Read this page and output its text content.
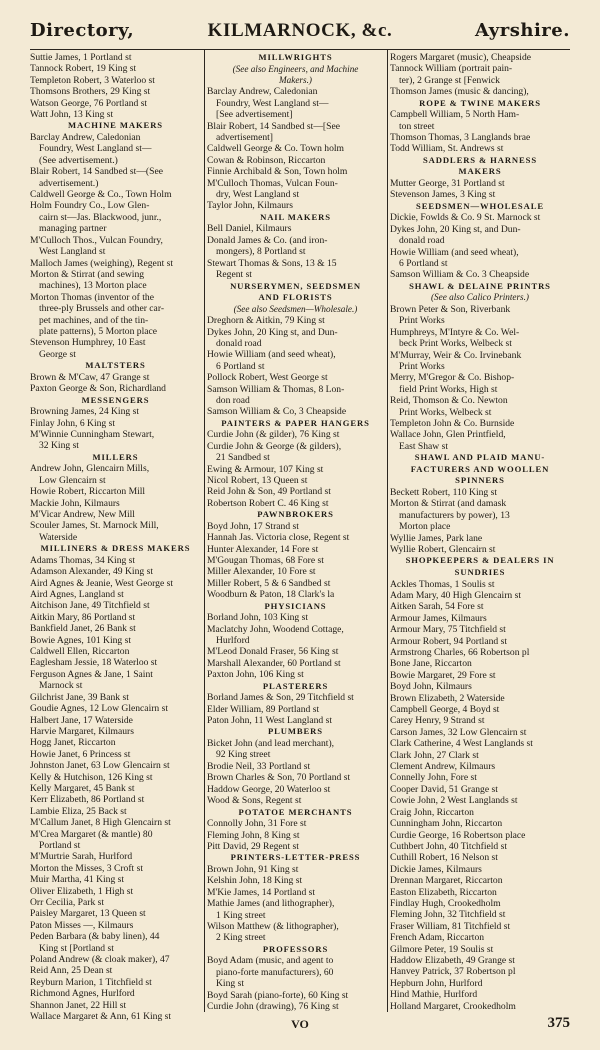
Directory,	KILMARNOCK, &c.	Ayrshire.
Suttie James, 1 Portland st
Tannock Robert, 19 King st
Templeton Robert, 3 Waterloo st
Thomsons Brothers, 29 King st
Watson George, 76 Portland st
Watt John, 13 King st
MACHINE MAKERS
Barclay Andrew, Caledonian
Foundry, West Langland st—
(See advertisement.)
Blair Robert, 14 Sandbed st—(See
advertisement.)
Caldwell George & Co., Town Holm
Holm Foundry Co., Low Glen-
cairn st—Jas. Blackwood, junr.,
managing partner
M'Culloch Thos., Vulcan Foundry,
West Langland st
Malloch James (weighing), Regent st
Morton & Stirrat (and sewing
machines), 13 Morton place
Morton Thomas (inventor of the
three-ply Brussels and other car-
pet machines, and of the tin-
plate patterns), 5 Morton place
Stevenson Humphrey, 10 East
George st
MALTSTERS
Brown & M'Caw, 47 Grange st
Paxton George & Son, Richardland
MESSENGERS
Browning James, 24 King st
Finlay John, 6 King st
M'Winnie Cunningham Stewart,
32 King st
MILLERS
Andrew John, Glencairn Mills,
Low Glencairn st
Howie Robert, Riccarton Mill
Mackie John, Kilmaurs
M'Vicar Andrew, New Mill
Scouler James, St. Marnock Mill,
Waterside
MILLINERS & DRESS MAKERS
Adams Thomas, 34 King st
Adamson Alexander, 49 King st
Aird Agnes & Jeanie, West George st
Aird Agnes, Langland st
Aitchison Jane, 49 Titchfield st
Aitkin Mary, 86 Portland st
Bankfield Janet, 26 Bank st
Bowie Agnes, 101 King st
Caldwell Ellen, Riccarton
Eaglesham Jessie, 18 Waterloo st
Ferguson Agnes & Jane, 1 Saint
Marnock st
Gilchrist Jane, 39 Bank st
Goudie Agnes, 12 Low Glencairn st
Halbert Jane, 17 Waterside
Harvie Margaret, Kilmaurs
Hogg Janet, Riccarton
Howie Janet, 6 Princess st
Johnston Janet, 63 Low Glencairn st
Kelly & Hutchison, 126 King st
Kelly Margaret, 45 Bank st
Kerr Elizabeth, 86 Portland st
Lambie Eliza, 25 Back st
M'Callum Janet, 8 High Glencairn st
M'Crea Margaret (& mantle) 80
Portland st
M'Murtrie Sarah, Hurlford
Morton the Misses, 3 Croft st
Muir Martha, 41 King st
Oliver Elizabeth, 1 High st
Orr Cecilia, Park st
Paisley Margaret, 13 Queen st
Paton Misses —, Kilmaurs
Peden Barbara (& baby linen), 44
King st [Portland st
Poland Andrew (& cloak maker), 47
Reid Ann, 25 Dean st
Reyburn Marion, 1 Titchfield st
Richmond Agnes, Hurlford
Shannon Janet, 22 Hill st
Wallace Margaret & Ann, 61 King st
MILLWRIGHTS
(See also Engineers, and Machine
Makers.)
Barclay Andrew, Caledonian
Foundry, West Langland st—
[See advertisement]
Blair Robert, 14 Sandbed st—[See
advertisement]
Caldwell George & Co. Town holm
Cowan & Robinson, Riccarton
Finnie Archibald & Son, Town holm
M'Culloch Thomas, Vulcan Foun-
dry, West Langland st
Taylor John, Kilmaurs
NAIL MAKERS
Bell Daniel, Kilmaurs
Donald James & Co. (and iron-
mongers), 8 Portland st
Stewart Thomas & Sons, 13 & 15
Regent st
NURSERYMEN, SEEDSMEN
AND FLORISTS
(See also Seedsmen—Wholesale.)
Dreghorn & Aitkin, 79 King st
Dykes John, 20 King st, and Dun-
donald road
Howie William (and seed wheat),
6 Portland st
Pollock Robert, West George st
Samson William & Thomas, 8 Lon-
don road
Samson William & Co, 3 Cheapside
PAINTERS & PAPER HANGERS
Curdie John (& gilder), 76 King st
Curdie John & George (& gilders),
21 Sandbed st
Ewing & Armour, 107 King st
Nicol Robert, 13 Queen st
Reid John & Son, 49 Portland st
Robertson Robert C. 46 King st
PAWNBROKERS
Boyd John, 17 Strand st
Hannah Jas. Victoria close, Regent st
Hunter Alexander, 14 Fore st
M'Gougan Thomas, 68 Fore st
Miller Alexander, 10 Fore st
Miller Robert, 5 & 6 Sandbed st
Woodburn & Paton, 18 Clark's la
PHYSICIANS
Borland John, 103 King st
Maclatchy John, Woodend Cottage,
Hurlford
M'Leod Donald Fraser, 56 King st
Marshall Alexander, 60 Portland st
Paxton John, 106 King st
PLASTERERS
Borland James & Son, 29 Titchfield st
Elder William, 89 Portland st
Paton John, 11 West Langland st
PLUMBERS
Bicket John (and lead merchant),
92 King street
Brodie Neil, 33 Portland st
Brown Charles & Son, 70 Portland st
Haddow George, 20 Waterloo st
Wood & Sons, Regent st
POTATOE MERCHANTS
Connolly John, 31 Fore st
Fleming John, 8 King st
Pitt David, 29 Regent st
PRINTERS-LETTER-PRESS
Brown John, 91 King st
Kelshin John, 18 King st
M'Kie James, 14 Portland st
Mathie James (and lithographer),
1 King street
Wilson Matthew (& lithographer),
2 King street
PROFESSORS
Boyd Adam (music, and agent to
piano-forte manufacturers), 60
King st
Boyd Sarah (piano-forte), 60 King st
Curdie John (drawing), 76 King st
Rogers Margaret (music), Cheapside
Tannock William (portrait pain-
ter), 2 Grange st [Fenwick
Thomson James (music & dancing),
ROPE & TWINE MAKERS
Campbell William, 5 North Ham-
ton street
Thomson Thomas, 3 Langlands brae
Todd William, St. Andrews st
SADDLERS & HARNESS
MAKERS
Mutter George, 31 Portland st
Stevenson James, 3 King st
SEEDSMEN—WHOLESALE
Dickie, Fowlds & Co. 9 St. Marnock st
Dykes John, 20 King st, and Dun-
donald road
Howie William (and seed wheat),
6 Portland st
Samson William & Co. 3 Cheapside
SHAWL & DELAINE PRINTRS
(See also Calico Printers.)
Brown Peter & Son, Riverbank
Print Works
Humphreys, M'Intyre & Co. Wel-
beck Print Works, Welbeck st
M'Murray, Weir & Co. Irvinebank
Print Works
Merry, M'Gregor & Co. Bishop-
field Print Works, High st
Reid, Thomson & Co. Newton
Print Works, Welbeck st
Templeton John & Co. Burnside
Wallace John, Glen Printfield,
East Shaw st
SHAWL AND PLAID MANU-
FACTURERS AND WOOLLEN
SPINNERS
Beckett Robert, 110 King st
Morton & Stirrat (and damask
manufacturers by power), 13
Morton place
Wyllie James, Park lane
Wyllie Robert, Glencairn st
SHOPKEEPERS & DEALERS IN
SUNDRIES
Ackles Thomas, 1 Soulis st
Adam Mary, 40 High Glencairn st
Aitken Sarah, 54 Fore st
Armour James, Kilmaurs
Armour Mary, 75 Titchfield st
Armour Robert, 94 Portland st
Armstrong Charles, 66 Robertson pl
Bone Jane, Riccarton
Bowie Margaret, 29 Fore st
Boyd John, Kilmaurs
Brown Elizabeth, 2 Waterside
Campbell George, 4 Boyd st
Carey Henry, 9 Strand st
Carson James, 32 Low Glencairn st
Clark Catherine, 4 West Langlands st
Clark John, 27 Clark st
Clement Andrew, Kilmaurs
Connelly John, Fore st
Cooper David, 51 Grange st
Cowie John, 2 West Langlands st
Craig John, Riccarton
Cunningham John, Riccarton
Curdie George, 16 Robertson place
Cuthbert John, 40 Titchfield st
Cuthill Robert, 16 Nelson st
Dickie James, Kilmaurs
Drennan Margaret, Riccarton
Easton Elizabeth, Riccarton
Findlay Hugh, Crookedholm
Fleming John, 32 Titchfield st
Fraser William, 81 Titchfield st
French Adam, Riccarton
Gilmore Peter, 19 Soulis st
Haddow Elizabeth, 49 Grange st
Hanvey Patrick, 37 Robertson pl
Hepburn John, Hurlford
Hind Mathie, Hurlford
Holland Margaret, Crookedholm
VO	375
